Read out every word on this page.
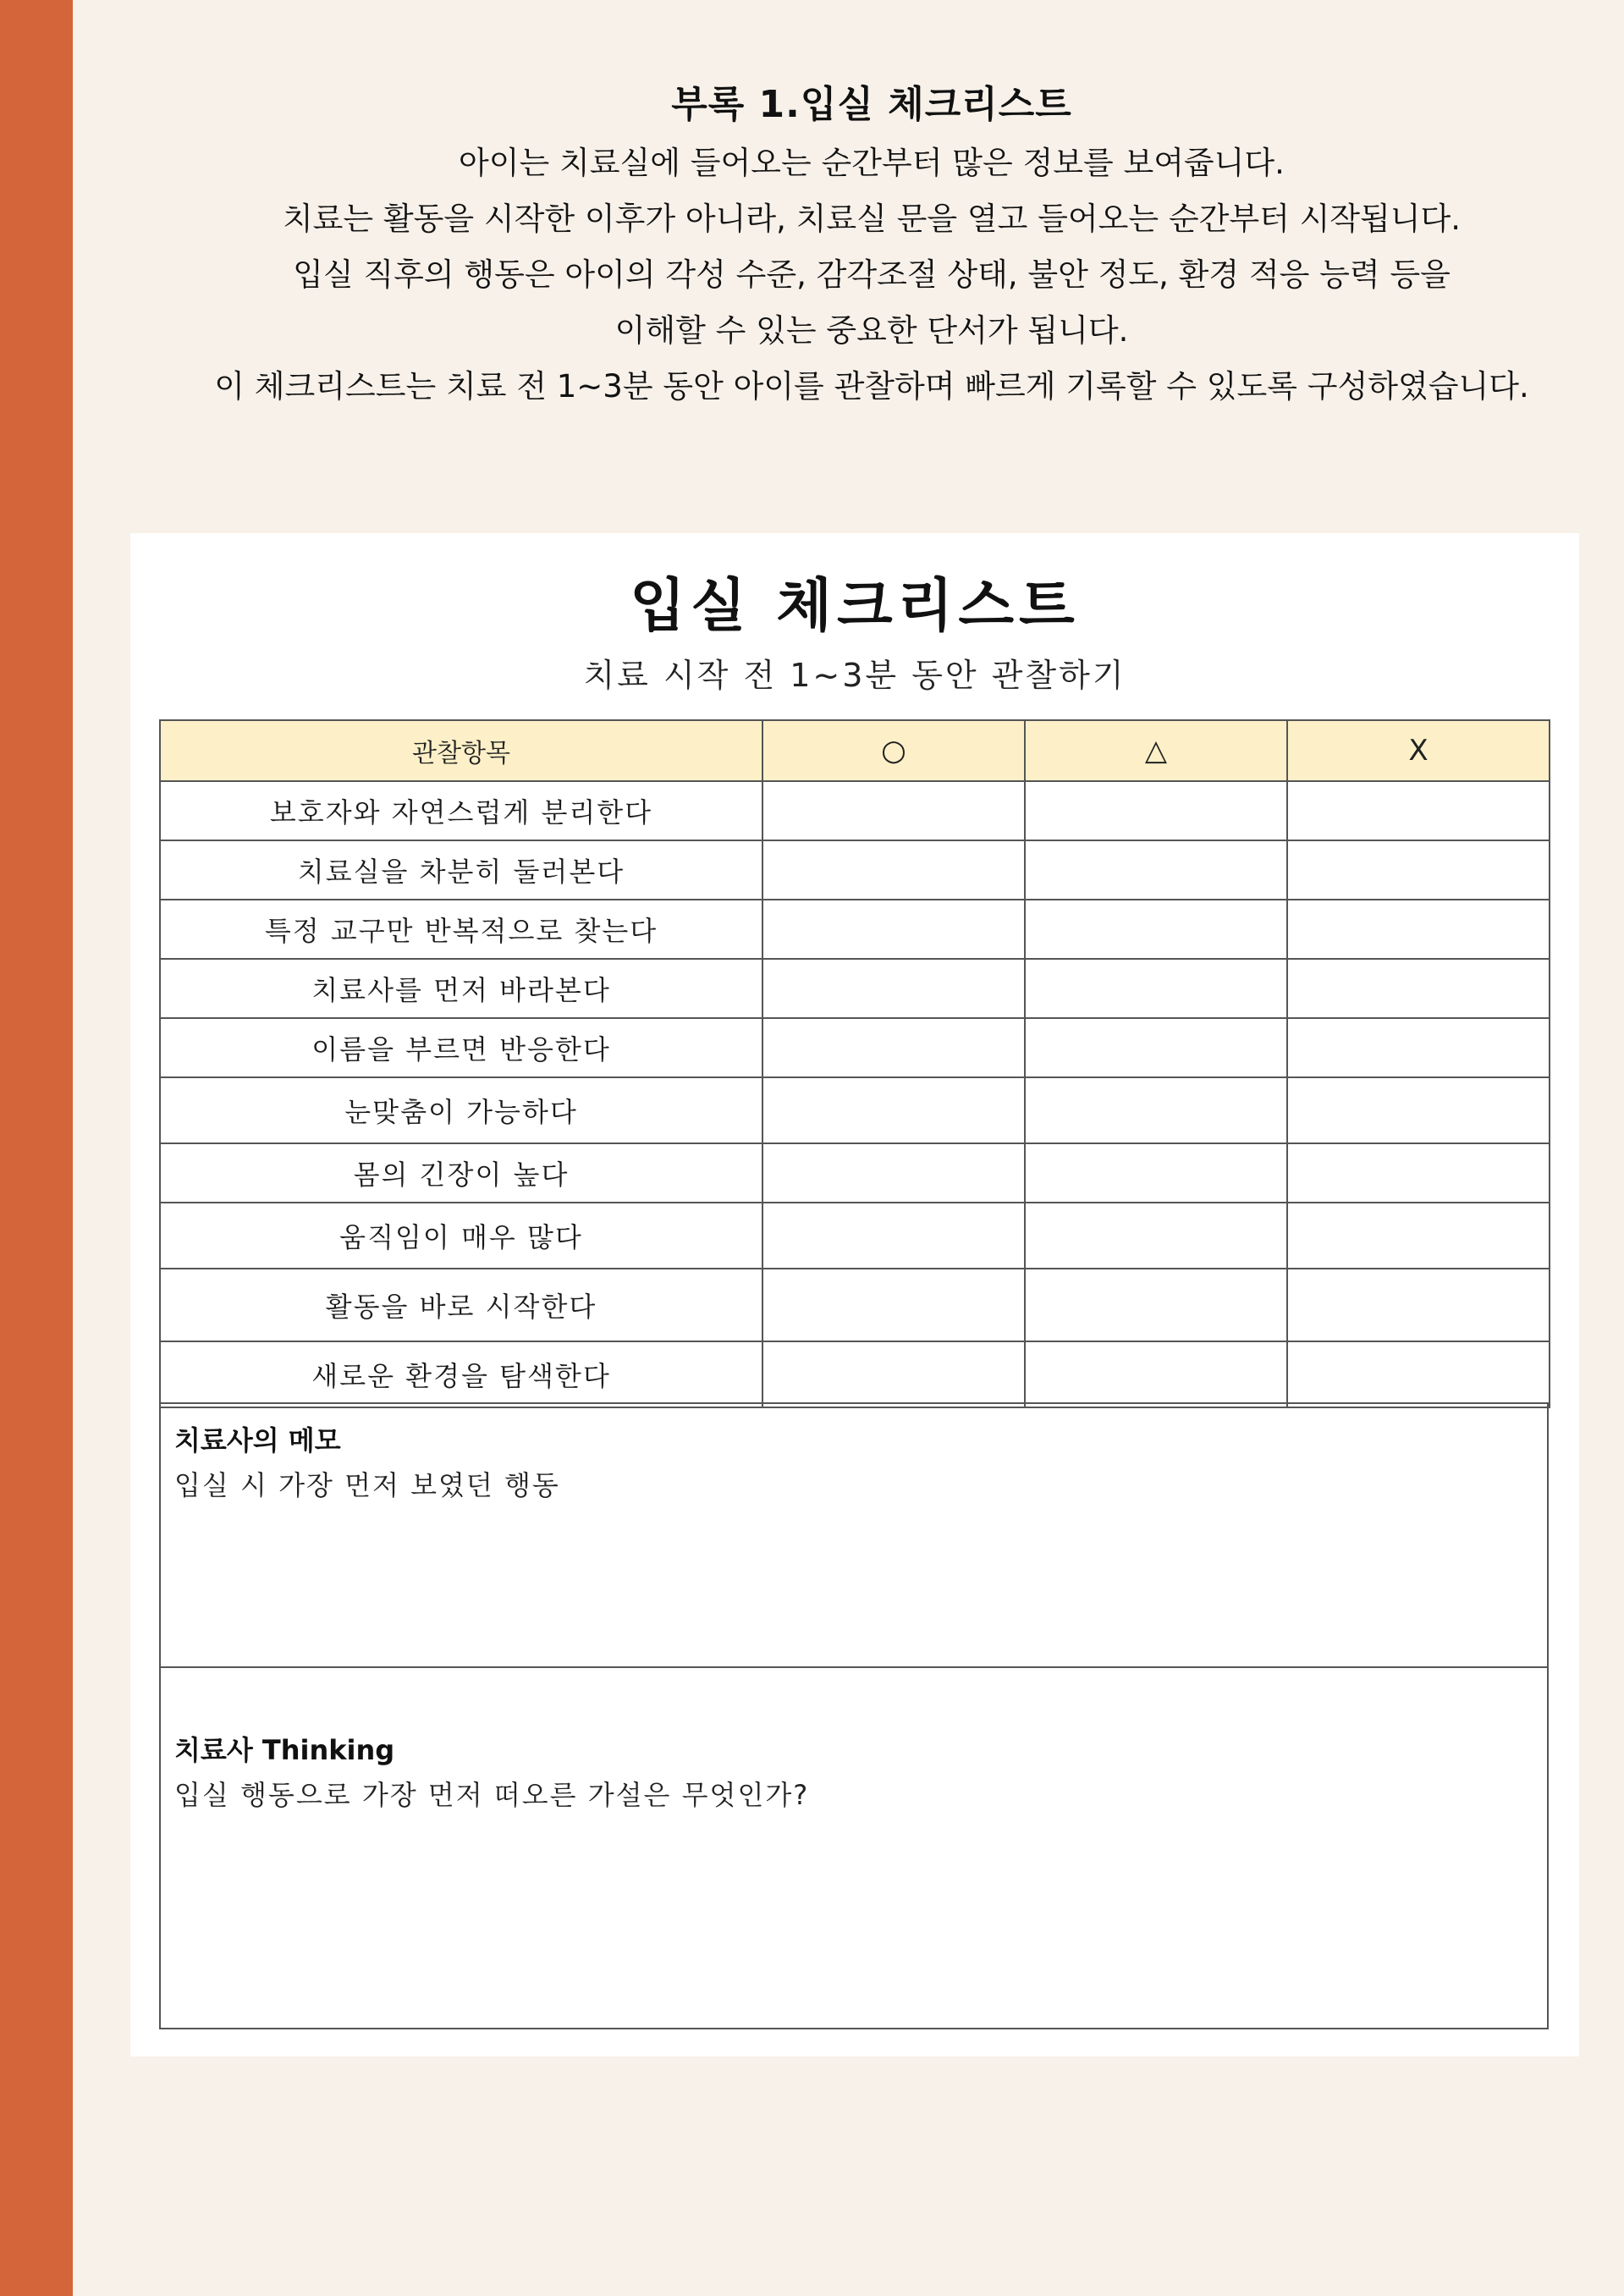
부록 1.입실 체크리스트

아이는 치료실에 들어오는 순간부터 많은 정보를 보여줍니다.

치료는 활동을 시작한 이후가 아니라, 치료실 문을 열고 들어오는 순간부터 시작됩니다.

입실 직후의 행동은 아이의 각성 수준, 감각조절 상태, 불안 정도, 환경 적응 능력 등을

이해할 수 있는 중요한 단서가 됩니다.

이 체크리스트는 치료 전 1~3분 동안 아이를 관찰하며 빠르게 기록할 수 있도록 구성하였습니다.

입실 체크리스트
치료 시작 전 1~3분 동안 관찰하기
관찰항목	○	△	X
보호자와 자연스럽게 분리한다			
치료실을 차분히 둘러본다			
특정 교구만 반복적으로 찾는다			
치료사를 먼저 바라본다			
이름을 부르면 반응한다			
눈맞춤이 가능하다			
몸의 긴장이 높다			
움직임이 매우 많다			
활동을 바로 시작한다			
새로운 환경을 탐색한다			

치료사의 메모

입실 시 가장 먼저 보였던 행동

치료사 Thinking

입실 행동으로 가장 먼저 떠오른 가설은 무엇인가?
